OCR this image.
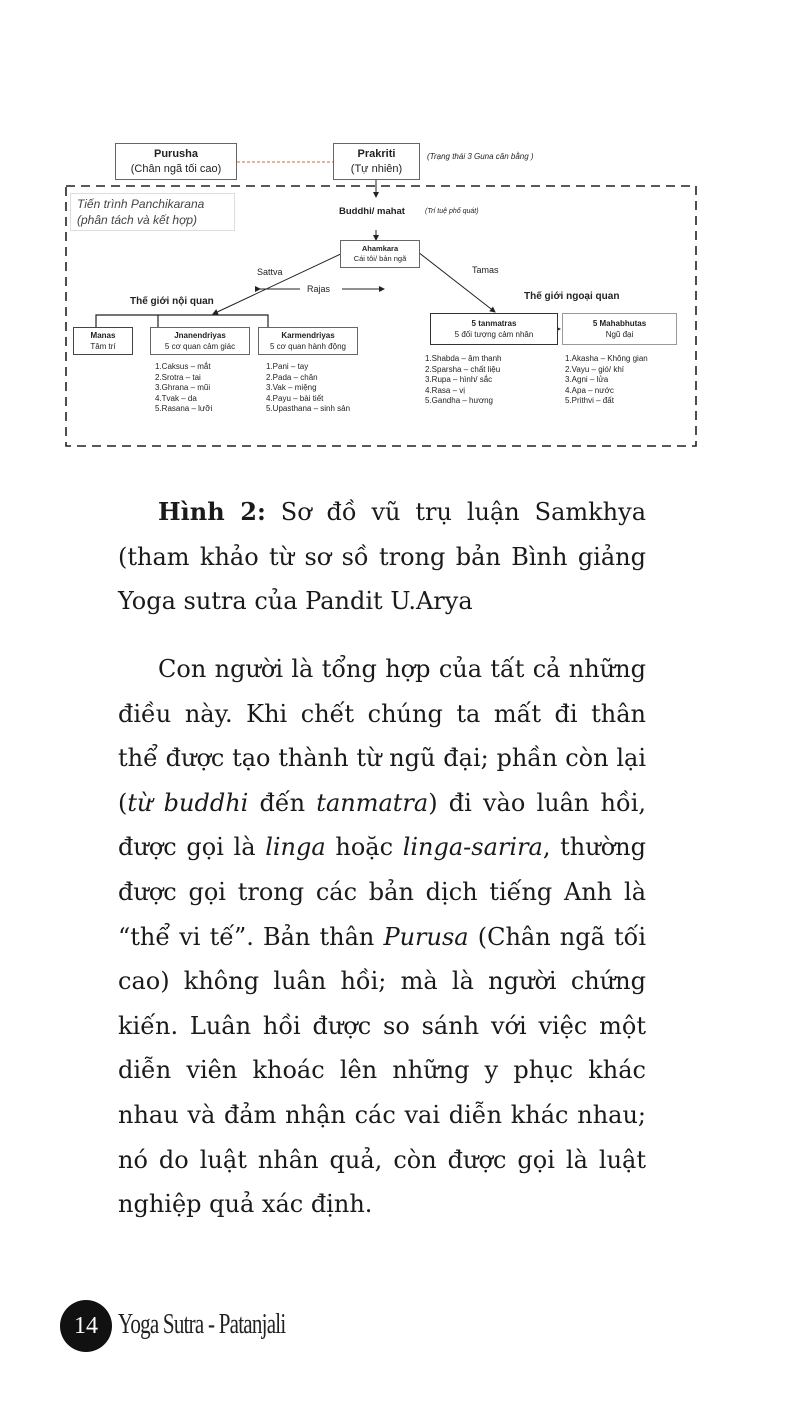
Purusha
(Chân ngã tối cao)
Prakriti
(Tự nhiên)
(Trạng thái 3 Guna cân bằng )
Tiến trình Panchikarana
(phân tách và kết hợp)
Buddhi/ mahat	(Trí tuệ phổ quát)
Ahamkara
Cái tôi/ bản ngã
Sattva	Tamas
Rajas
Thế giới nội quan	Thế giới ngoại quan
Manas
Tâm trí
Jnanendriyas
5 cơ quan cảm giác
Karmendriyas
5 cơ quan hành động
5 tanmatras
5 đối tượng cảm nhân
5 Mahabhutas
Ngũ đại
1.Caksus – mắt
2.Srotra – tai
3.Ghrana – mũi
4.Tvak – da
5.Rasana – lưỡi
1.Pani – tay
2.Pada – chân
3.Vak – miệng
4.Payu – bài tiết
5.Upasthana – sinh sản
1.Shabda – âm thanh
2.Sparsha – chất liệu
3.Rupa – hình/ sắc
4.Rasa – vị
5.Gandha – hương
1.Akasha – Không gian
2.Vayu – gió/ khí
3.Agni – lửa
4.Apa – nước
5.Prithvi – đất

Hình 2: Sơ đồ vũ trụ luận Samkhya (tham khảo từ sơ sồ trong bản Bình giảng Yoga sutra của Pandit U.Arya

Con người là tổng hợp của tất cả những điều này. Khi chết chúng ta mất đi thân thể được tạo thành từ ngũ đại; phần còn lại (từ buddhi đến tanmatra) đi vào luân hồi, được gọi là linga hoặc linga-sarira, thường được gọi trong các bản dịch tiếng Anh là “thể vi tế”. Bản thân Purusa (Chân ngã tối cao) không luân hồi; mà là người chứng kiến. Luân hồi được so sánh với việc một diễn viên khoác lên những y phục khác nhau và đảm nhận các vai diễn khác nhau; nó do luật nhân quả, còn được gọi là luật nghiệp quả xác định.

14 Yoga Sutra - Patanjali
